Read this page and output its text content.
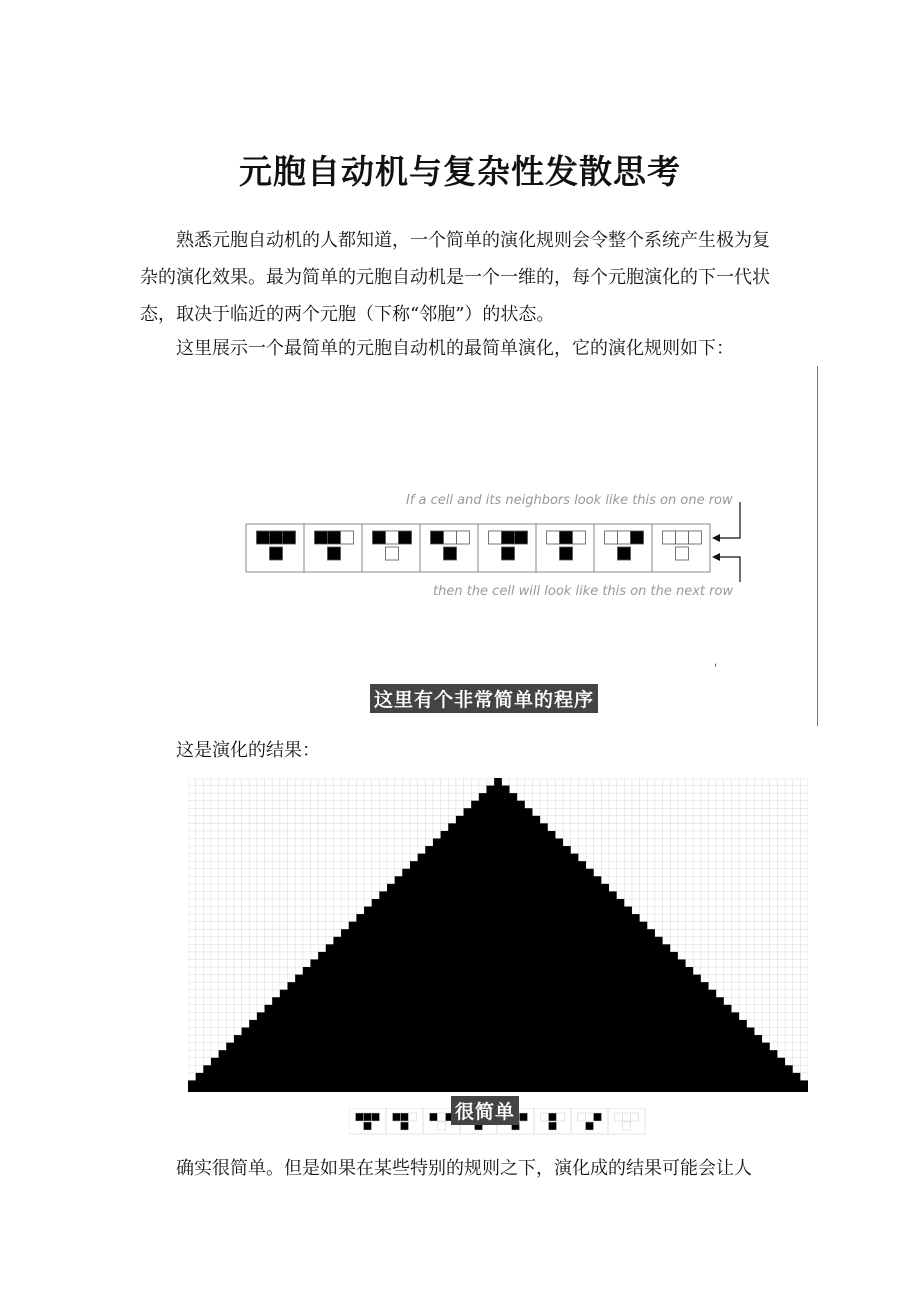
元胞自动机与复杂性发散思考

熟悉元胞自动机的人都知道，一个简单的演化规则会令整个系统产生极为复杂的演化效果。最为简单的元胞自动机是一个一维的，每个元胞演化的下一代状态，取决于临近的两个元胞（下称“邻胞”）的状态。

这里展示一个最简单的元胞自动机的最简单演化，它的演化规则如下：

If a cell and its neighbors look like this on one row
then the cell will look like this on the next row
ˌ
这里有个非常简单的程序

这是演化的结果：

很简单

确实很简单。但是如果在某些特别的规则之下，演化成的结果可能会让人
